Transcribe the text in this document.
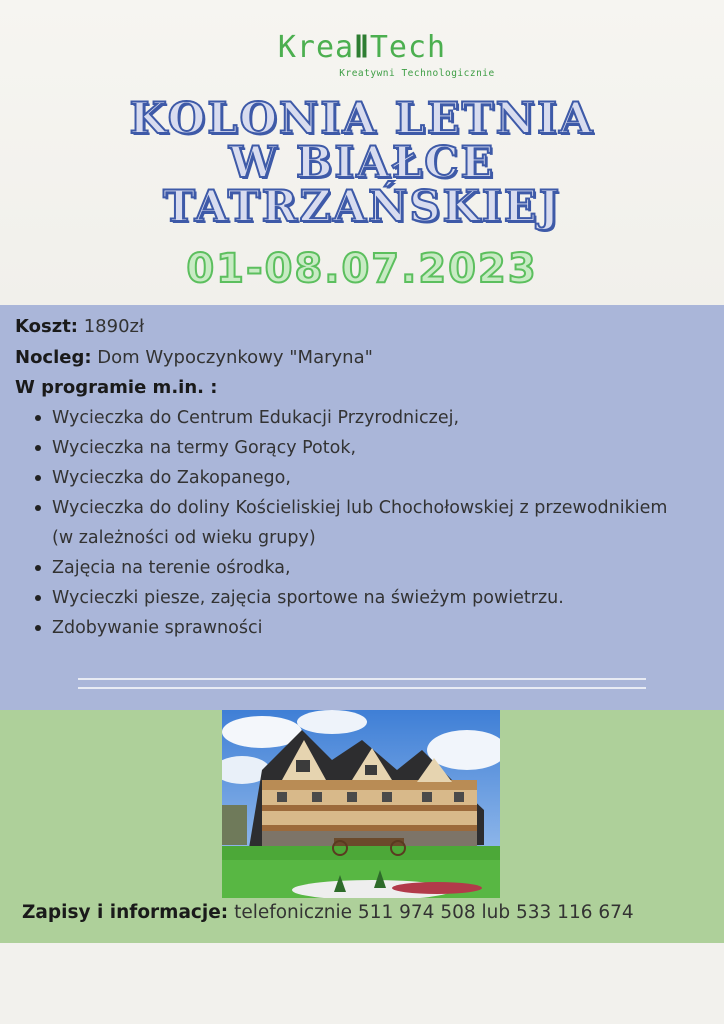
KreaⅡTech
Kreatywni Technologicznie
KOLONIA LETNIA
W BIAŁCE
TATRZAŃSKIEJ
01-08.07.2023
Koszt: 1890zł
Nocleg: Dom Wypoczynkowy "Maryna"
W programie m.in. :
Wycieczka do Centrum Edukacji Przyrodniczej,
Wycieczka na termy Gorący Potok,
Wycieczka do Zakopanego,
Wycieczka do doliny Kościeliskiej lub Chochołowskiej z przewodnikiem (w zależności od wieku grupy)
Zajęcia na terenie ośrodka,
Wycieczki piesze, zajęcia sportowe na świeżym powietrzu.
Zdobywanie sprawności
Zapisy i informacje: telefonicznie 511 974 508 lub 533 116 674
